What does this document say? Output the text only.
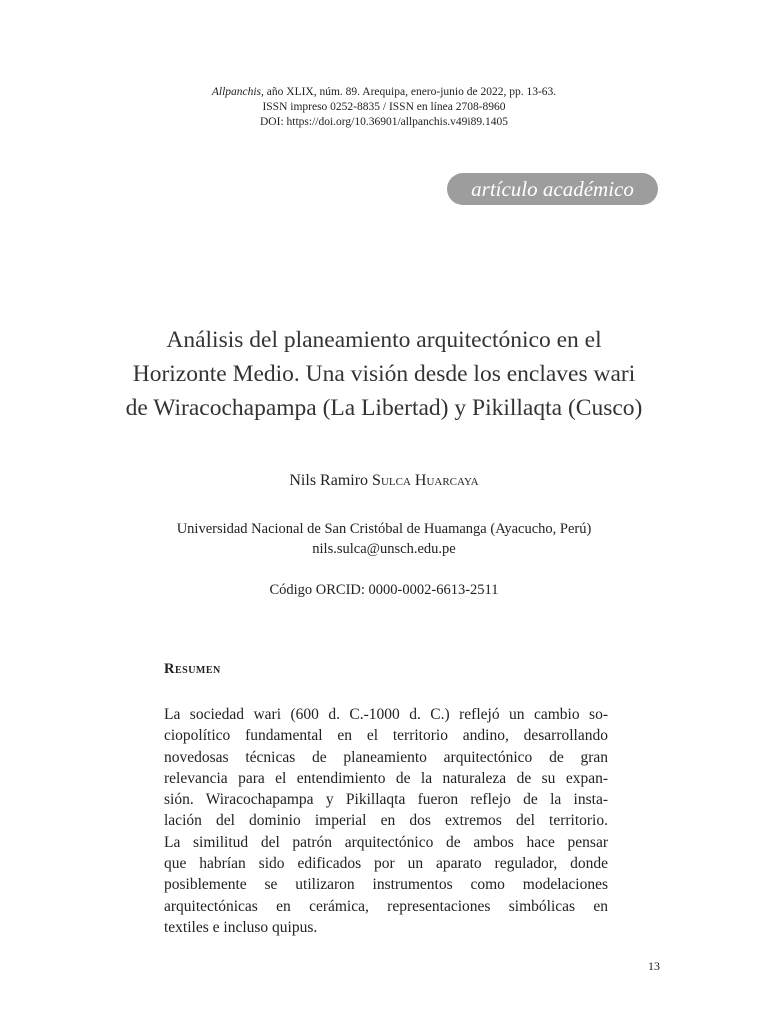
Allpanchis, año XLIX, núm. 89. Arequipa, enero-junio de 2022, pp. 13-63.
ISSN impreso 0252-8835 / ISSN en línea 2708-8960
DOI: https://doi.org/10.36901/allpanchis.v49i89.1405
artículo académico
Análisis del planeamiento arquitectónico en el
Horizonte Medio. Una visión desde los enclaves wari
de Wiracochapampa (La Libertad) y Pikillaqta (Cusco)
Nils Ramiro Sulca Huarcaya
Universidad Nacional de San Cristóbal de Huamanga (Ayacucho, Perú)
nils.sulca@unsch.edu.pe
Código ORCID: 0000-0002-6613-2511
Resumen
La sociedad wari (600 d. C.-1000 d. C.) reflejó un cambio so-
ciopolítico fundamental en el territorio andino, desarrollando
novedosas técnicas de planeamiento arquitectónico de gran
relevancia para el entendimiento de la naturaleza de su expan-
sión. Wiracochapampa y Pikillaqta fueron reflejo de la insta-
lación del dominio imperial en dos extremos del territorio.
La similitud del patrón arquitectónico de ambos hace pensar
que habrían sido edificados por un aparato regulador, donde
posiblemente se utilizaron instrumentos como modelaciones
arquitectónicas en cerámica, representaciones simbólicas en
textiles e incluso quipus.
13
